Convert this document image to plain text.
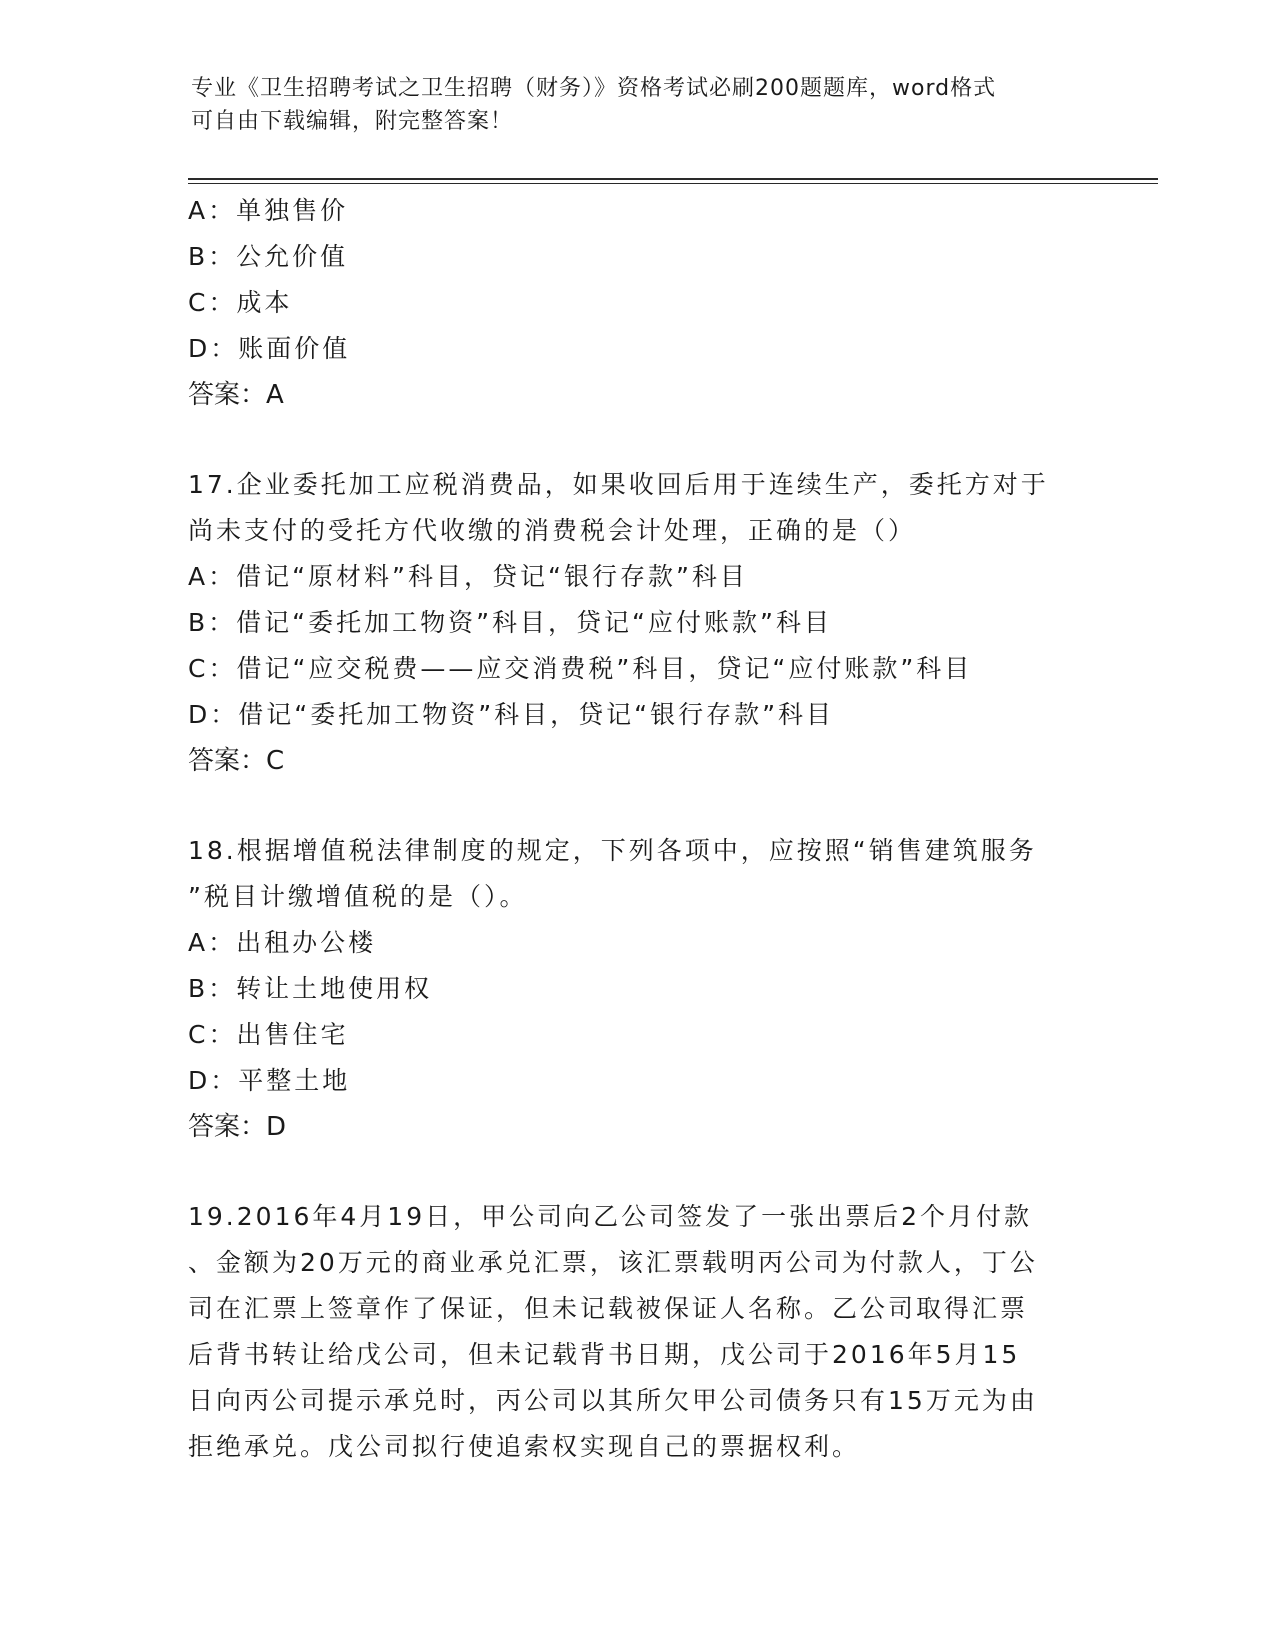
专业《卫生招聘考试之卫生招聘（财务）》资格考试必刷200题题库，word格式
可自由下载编辑，附完整答案！
A：单独售价
B：公允价值
C：成本
D：账面价值
答案：A
17.企业委托加工应税消费品，如果收回后用于连续生产，委托方对于
尚未支付的受托方代收缴的消费税会计处理，正确的是（）
A：借记“原材料”科目，贷记“银行存款”科目
B：借记“委托加工物资”科目，贷记“应付账款”科目
C：借记“应交税费——应交消费税”科目，贷记“应付账款”科目
D：借记“委托加工物资”科目，贷记“银行存款”科目
答案：C
18.根据增值税法律制度的规定，下列各项中，应按照“销售建筑服务
”税目计缴增值税的是（）。
A：出租办公楼
B：转让土地使用权
C：出售住宅
D：平整土地
答案：D
19.2016年4月19日，甲公司向乙公司签发了一张出票后2个月付款
、金额为20万元的商业承兑汇票，该汇票载明丙公司为付款人，丁公
司在汇票上签章作了保证，但未记载被保证人名称。乙公司取得汇票
后背书转让给戊公司，但未记载背书日期，戊公司于2016年5月15
日向丙公司提示承兑时，丙公司以其所欠甲公司债务只有15万元为由
拒绝承兑。戊公司拟行使追索权实现自己的票据权利。
